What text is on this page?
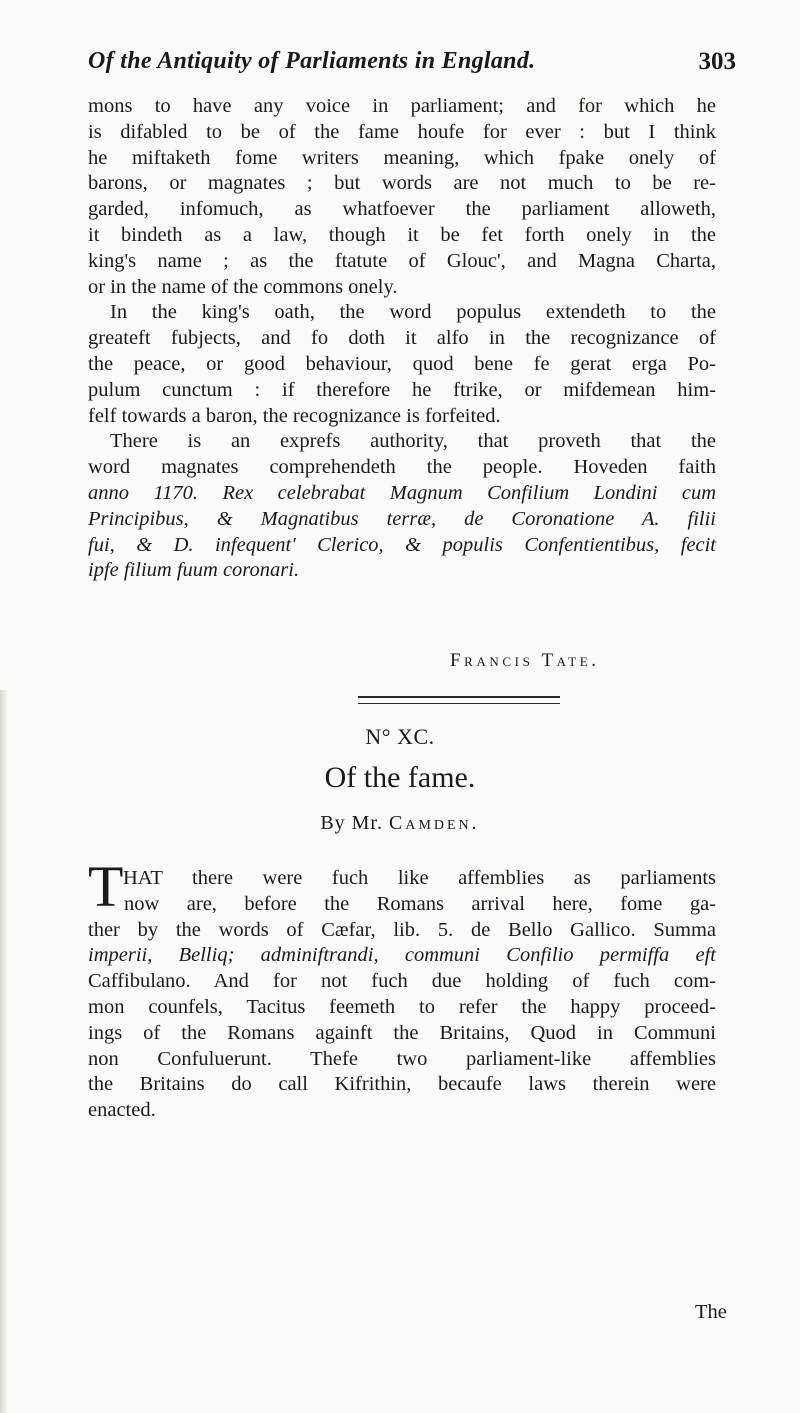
Of the Antiquity of Parliaments in England.	303
mons to have any voice in parliament; and for which he
is difabled to be of the fame houfe for ever : but I think
he miftaketh fome writers meaning, which fpake onely of
barons, or magnates ; but words are not much to be re-
garded, infomuch, as whatfoever the parliament alloweth,
it bindeth as a law, though it be fet forth onely in the
king's name ; as the ftatute of Glouc', and Magna Charta,
or in the name of the commons onely.
In the king's oath, the word populus extendeth to the
greateft fubjects, and fo doth it alfo in the recognizance of
the peace, or good behaviour, quod bene fe gerat erga Po-
pulum cunctum : if therefore he ftrike, or mifdemean him-
felf towards a baron, the recognizance is forfeited.
There is an exprefs authority, that proveth that the
word magnates comprehendeth the people. Hoveden faith
anno 1170. Rex celebrabat Magnum Confilium Londini cum
Principibus, & Magnatibus terræ, de Coronatione A. filii
fui, & D. infequent' Clerico, & populis Confentientibus, fecit
ipfe filium fuum coronari.
Francis Tate.
N° XC.
Of the fame.
By Mr. Camden.
T HAT there were fuch like affemblies as parliaments
now are, before the Romans arrival here, fome ga-
ther by the words of Cæfar, lib. 5. de Bello Gallico. Summa
imperii, Belliq; adminiftrandi, communi Confilio permiffa eft
Caffibulano. And for not fuch due holding of fuch com-
mon counfels, Tacitus feemeth to refer the happy proceed-
ings of the Romans againft the Britains, Quod in Communi
non Confuluerunt. Thefe two parliament-like affemblies
the Britains do call Kifrithin, becaufe laws therein were
enacted.
The
